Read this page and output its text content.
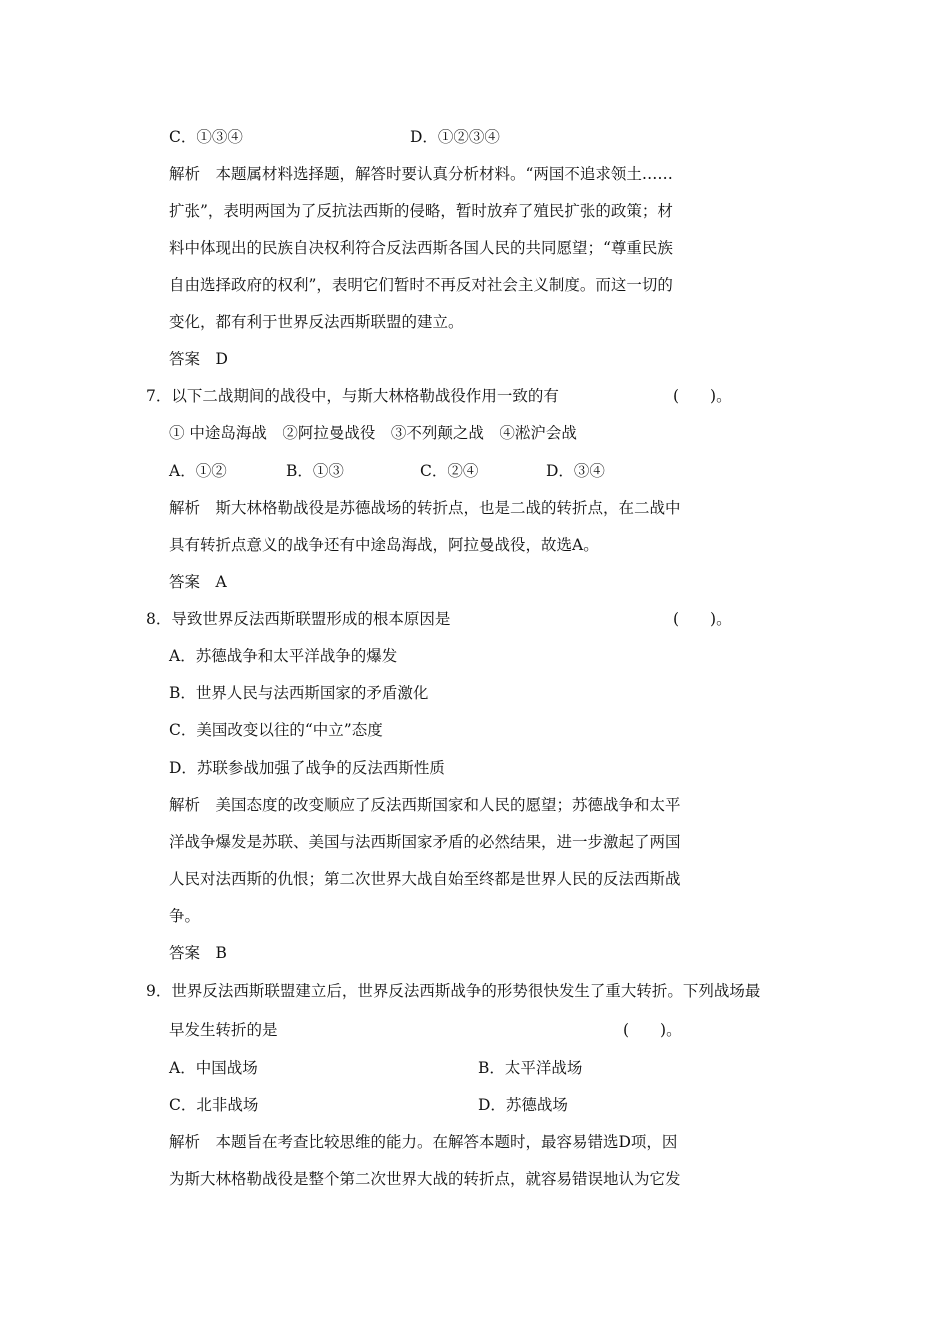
C．①③④	D．①②③④

解析　本题属材料选择题，解答时要认真分析材料。“两国不追求领土……

扩张”，表明两国为了反抗法西斯的侵略，暂时放弃了殖民扩张的政策；材

料中体现出的民族自决权利符合反法西斯各国人民的共同愿望；“尊重民族

自由选择政府的权利”，表明它们暂时不再反对社会主义制度。而这一切的

变化，都有利于世界反法西斯联盟的建立。

答案　D

7．以下二战期间的战役中，与斯大林格勒战役作用一致的有	(　　)。

① 中途岛海战　②阿拉曼战役　③不列颠之战　④淞沪会战

A．①②	B．①③	C．②④	D．③④

解析　斯大林格勒战役是苏德战场的转折点，也是二战的转折点，在二战中

具有转折点意义的战争还有中途岛海战，阿拉曼战役，故选A。

答案　A

8．导致世界反法西斯联盟形成的根本原因是	(　　)。

A．苏德战争和太平洋战争的爆发

B．世界人民与法西斯国家的矛盾激化

C．美国改变以往的“中立”态度

D．苏联参战加强了战争的反法西斯性质

解析　美国态度的改变顺应了反法西斯国家和人民的愿望；苏德战争和太平

洋战争爆发是苏联、美国与法西斯国家矛盾的必然结果，进一步激起了两国

人民对法西斯的仇恨；第二次世界大战自始至终都是世界人民的反法西斯战

争。

答案　B

9．世界反法西斯联盟建立后，世界反法西斯战争的形势很快发生了重大转折。下列战场最

早发生转折的是	(　　)。
A．中国战场	B．太平洋战场
C．北非战场	D．苏德战场

解析　本题旨在考查比较思维的能力。在解答本题时，最容易错选D项，因

为斯大林格勒战役是整个第二次世界大战的转折点，就容易错误地认为它发
